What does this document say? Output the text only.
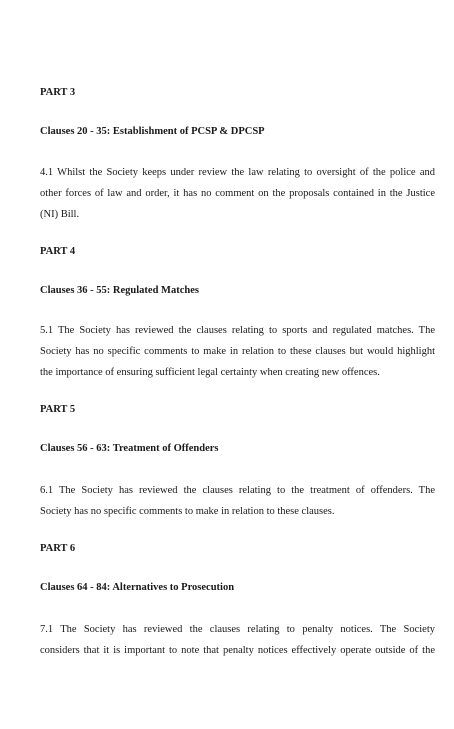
PART 3
Clauses 20 - 35: Establishment of PCSP & DPCSP
4.1 Whilst the Society keeps under review the law relating to oversight of the police and
other forces of law and order, it has no comment on the proposals contained in the Justice
(NI) Bill.
PART 4
Clauses 36 - 55: Regulated Matches
5.1 The Society has reviewed the clauses relating to sports and regulated matches. The
Society has no specific comments to make in relation to these clauses but would highlight
the importance of ensuring sufficient legal certainty when creating new offences.
PART 5
Clauses 56 - 63: Treatment of Offenders
6.1 The Society has reviewed the clauses relating to the treatment of offenders. The
Society has no specific comments to make in relation to these clauses.
PART 6
Clauses 64 - 84: Alternatives to Prosecution
7.1 The Society has reviewed the clauses relating to penalty notices. The Society
considers that it is important to note that penalty notices effectively operate outside of the
